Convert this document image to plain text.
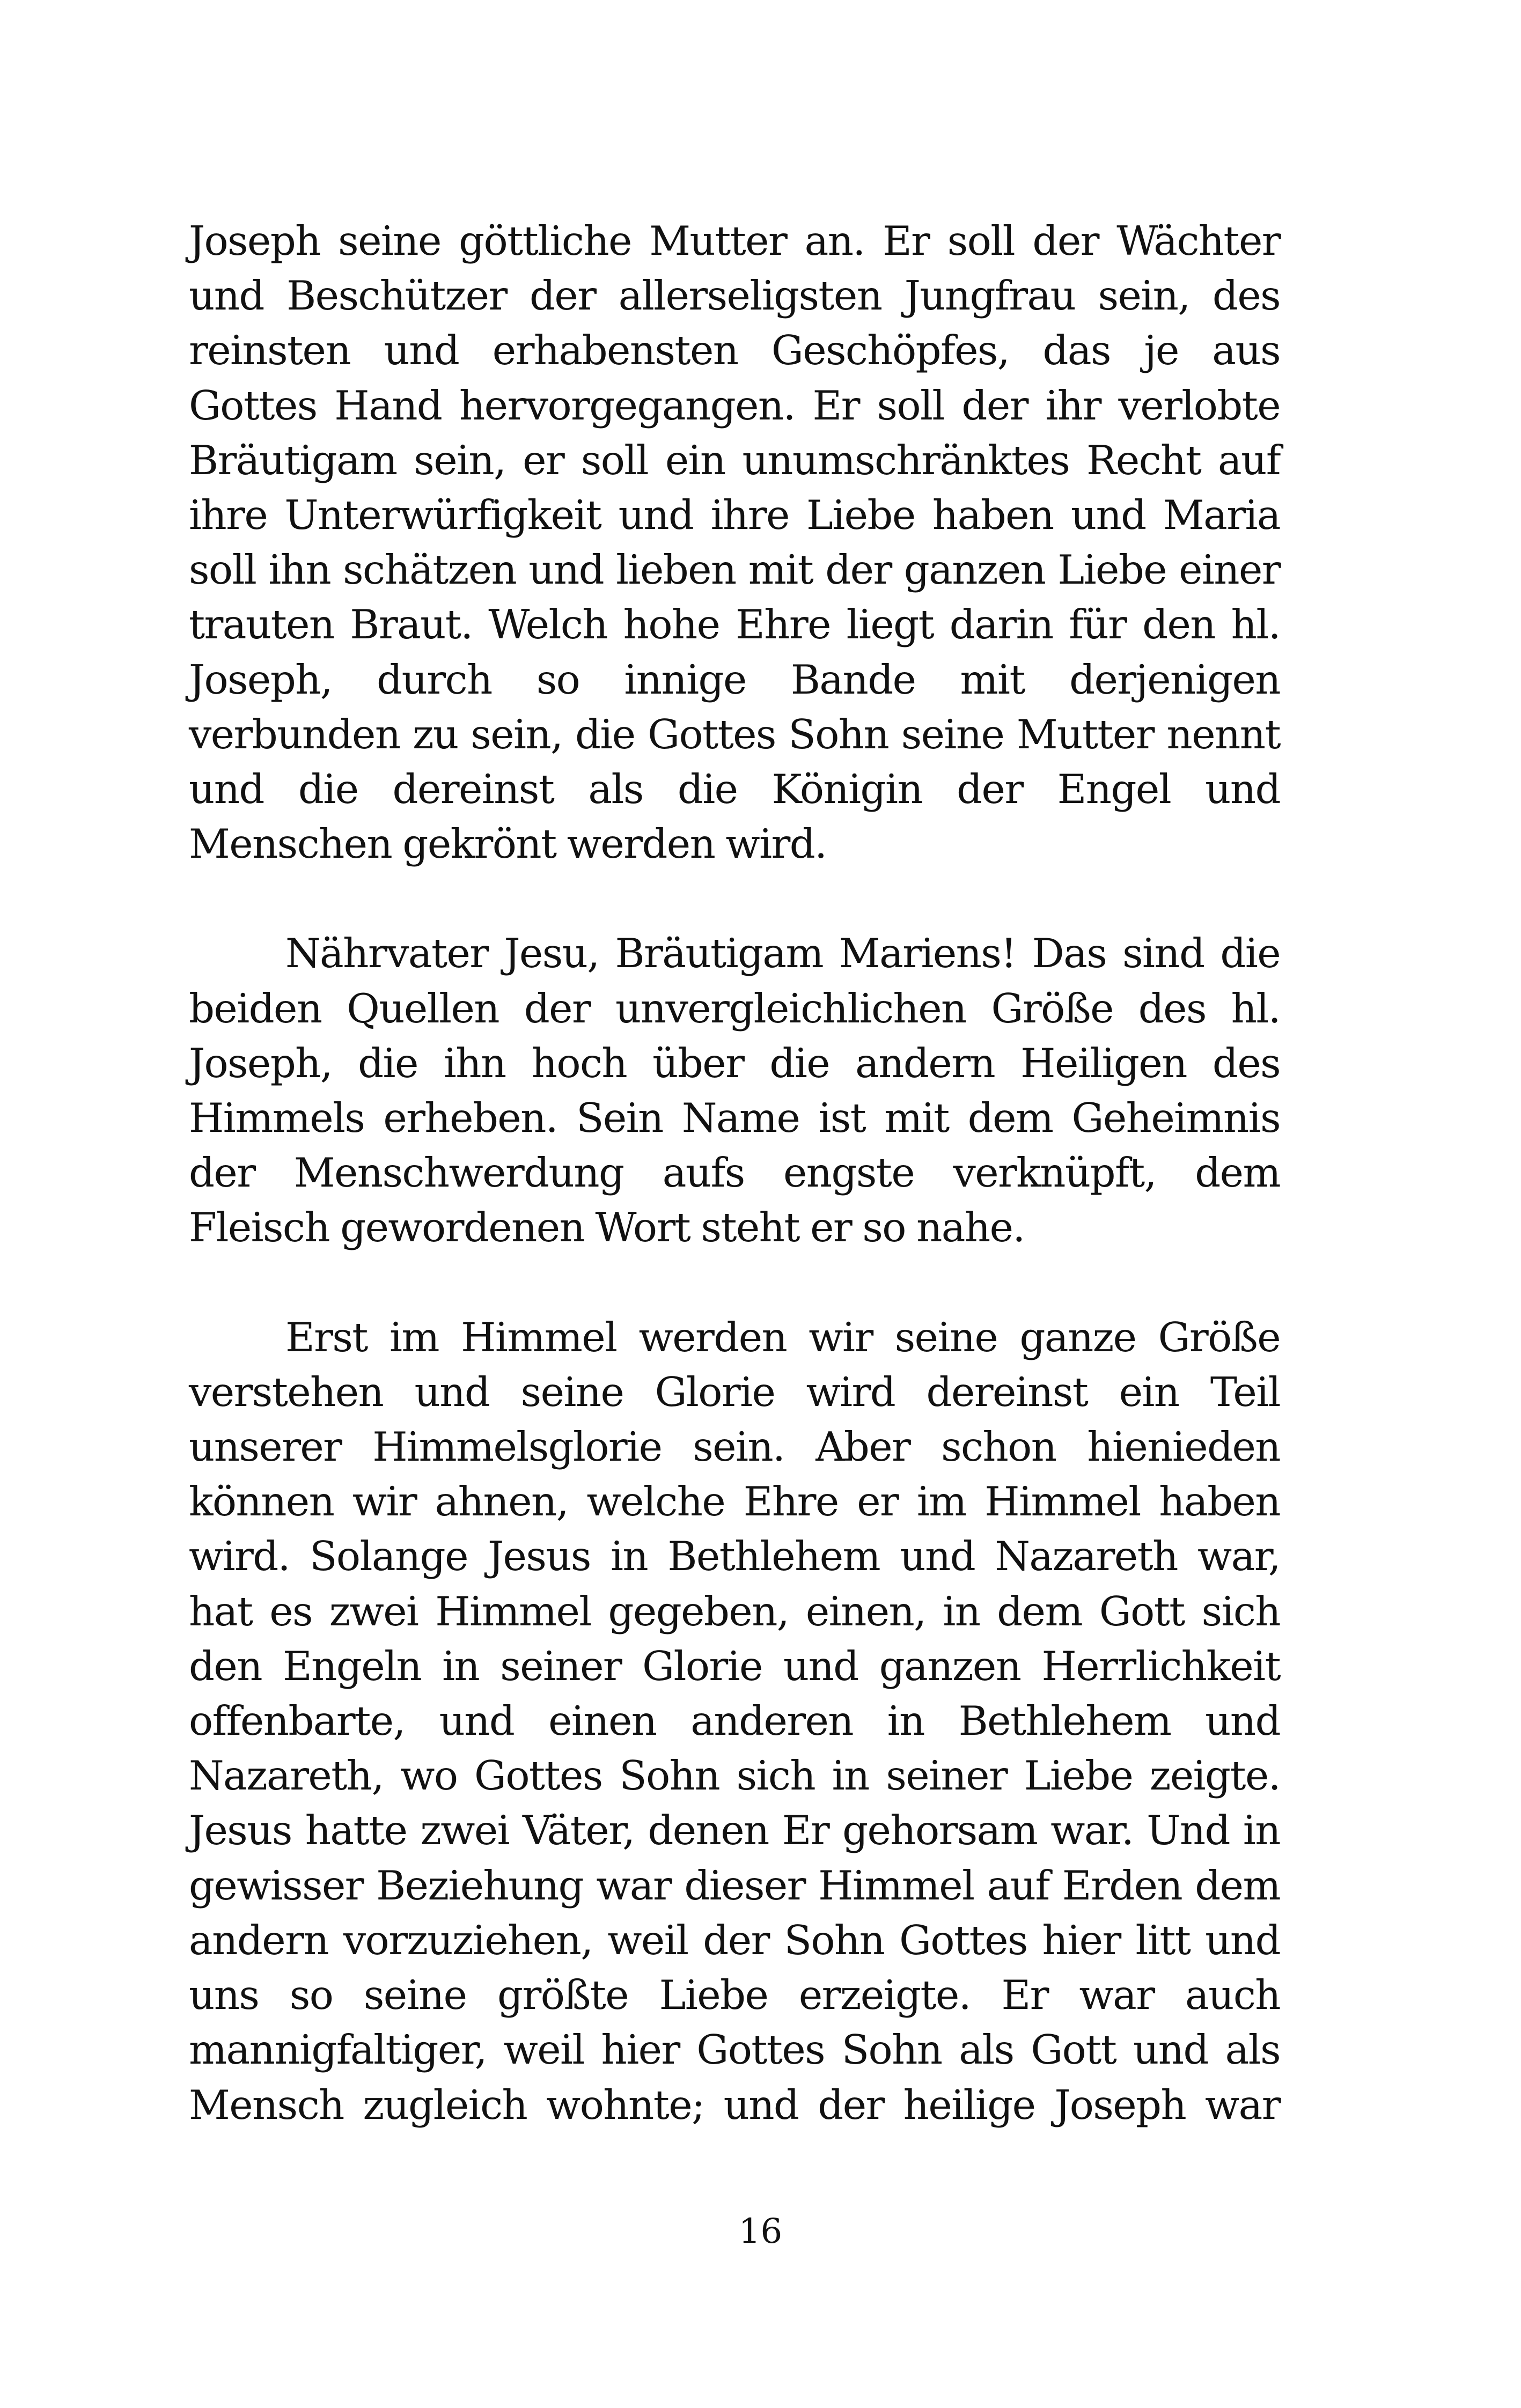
Joseph seine göttliche Mutter an. Er soll der Wächter und Beschützer der allerseligsten Jungfrau sein, des reinsten und erhabensten Geschöpfes, das je aus Gottes Hand hervorgegangen. Er soll der ihr verlobte Bräutigam sein, er soll ein unumschränktes Recht auf ihre Unterwürfigkeit und ihre Liebe haben und Maria soll ihn schätzen und lieben mit der ganzen Liebe einer trauten Braut. Welch hohe Ehre liegt darin für den hl. Joseph, durch so innige Bande mit derjenigen verbunden zu sein, die Gottes Sohn seine Mutter nennt und die dereinst als die Königin der Engel und Menschen gekrönt werden wird.

Nährvater Jesu, Bräutigam Mariens! Das sind die beiden Quellen der unvergleichlichen Größe des hl. Joseph, die ihn hoch über die andern Heiligen des Himmels erheben. Sein Name ist mit dem Geheimnis der Menschwerdung aufs engste verknüpft, dem Fleisch gewordenen Wort steht er so nahe.

Erst im Himmel werden wir seine ganze Größe verstehen und seine Glorie wird dereinst ein Teil unserer Himmelsglorie sein. Aber schon hienieden können wir ahnen, welche Ehre er im Himmel haben wird. Solange Jesus in Bethlehem und Nazareth war, hat es zwei Himmel gegeben, einen, in dem Gott sich den Engeln in seiner Glorie und ganzen Herrlichkeit offenbarte, und einen anderen in Bethlehem und Nazareth, wo Gottes Sohn sich in seiner Liebe zeigte. Jesus hatte zwei Väter, denen Er gehorsam war. Und in gewisser Beziehung war dieser Himmel auf Erden dem andern vorzuziehen, weil der Sohn Gottes hier litt und uns so seine größte Liebe erzeigte. Er war auch mannigfaltiger, weil hier Gottes Sohn als Gott und als Mensch zugleich wohnte; und der heilige Joseph war

16
